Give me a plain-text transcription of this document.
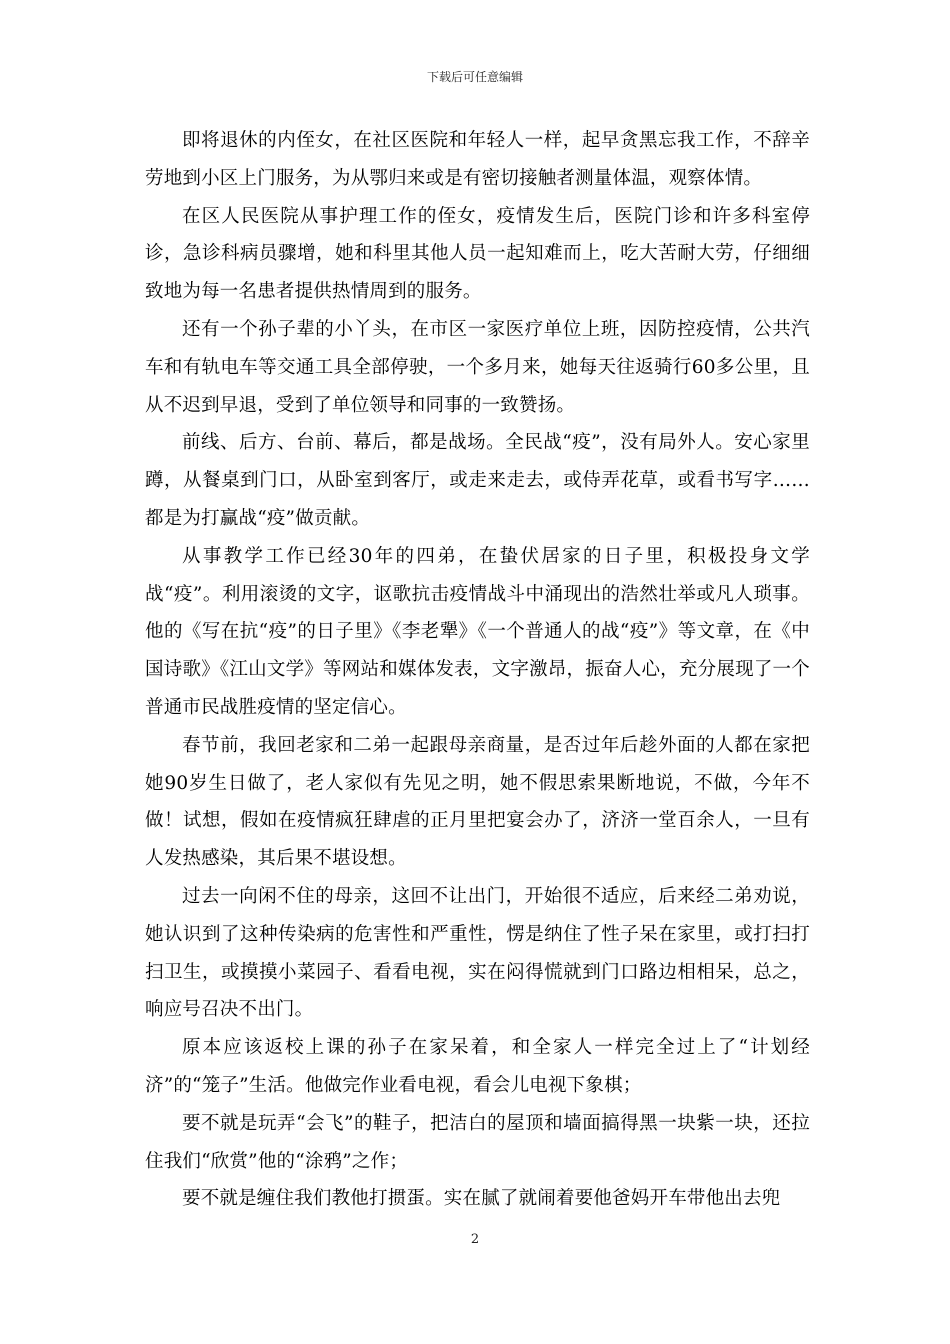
下载后可任意编辑

即将退休的内侄女，在社区医院和年轻人一样，起早贪黑忘我工作，不辞辛劳地到小区上门服务，为从鄂归来或是有密切接触者测量体温，观察体情。

在区人民医院从事护理工作的侄女，疫情发生后，医院门诊和许多科室停诊，急诊科病员骤增，她和科里其他人员一起知难而上，吃大苦耐大劳，仔细细致地为每一名患者提供热情周到的服务。

还有一个孙子辈的小丫头，在市区一家医疗单位上班，因防控疫情，公共汽车和有轨电车等交通工具全部停驶，一个多月来，她每天往返骑行60多公里，且从不迟到早退，受到了单位领导和同事的一致赞扬。

前线、后方、台前、幕后，都是战场。全民战“疫”，没有局外人。安心家里蹲，从餐桌到门口，从卧室到客厅，或走来走去，或侍弄花草，或看书写字……都是为打赢战“疫”做贡献。

从事教学工作已经30年的四弟，在蛰伏居家的日子里，积极投身文学战“疫”。利用滚烫的文字，讴歌抗击疫情战斗中涌现出的浩然壮举或凡人琐事。他的《写在抗“疫”的日子里》《李老犟》《一个普通人的战“疫”》等文章，在《中国诗歌》《江山文学》等网站和媒体发表，文字激昂，振奋人心，充分展现了一个普通市民战胜疫情的坚定信心。

春节前，我回老家和二弟一起跟母亲商量，是否过年后趁外面的人都在家把她90岁生日做了，老人家似有先见之明，她不假思索果断地说，不做，今年不做！试想，假如在疫情疯狂肆虐的正月里把宴会办了，济济一堂百余人，一旦有人发热感染，其后果不堪设想。

过去一向闲不住的母亲，这回不让出门，开始很不适应，后来经二弟劝说，她认识到了这种传染病的危害性和严重性，愣是纳住了性子呆在家里，或打扫打扫卫生，或摸摸小菜园子、看看电视，实在闷得慌就到门口路边相相呆，总之，响应号召决不出门。

原本应该返校上课的孙子在家呆着，和全家人一样完全过上了“计划经济”的“笼子”生活。他做完作业看电视，看会儿电视下象棋；

要不就是玩弄“会飞”的鞋子，把洁白的屋顶和墙面搞得黑一块紫一块，还拉住我们“欣赏”他的“涂鸦”之作；

要不就是缠住我们教他打掼蛋。实在腻了就闹着要他爸妈开车带他出去兜

2
